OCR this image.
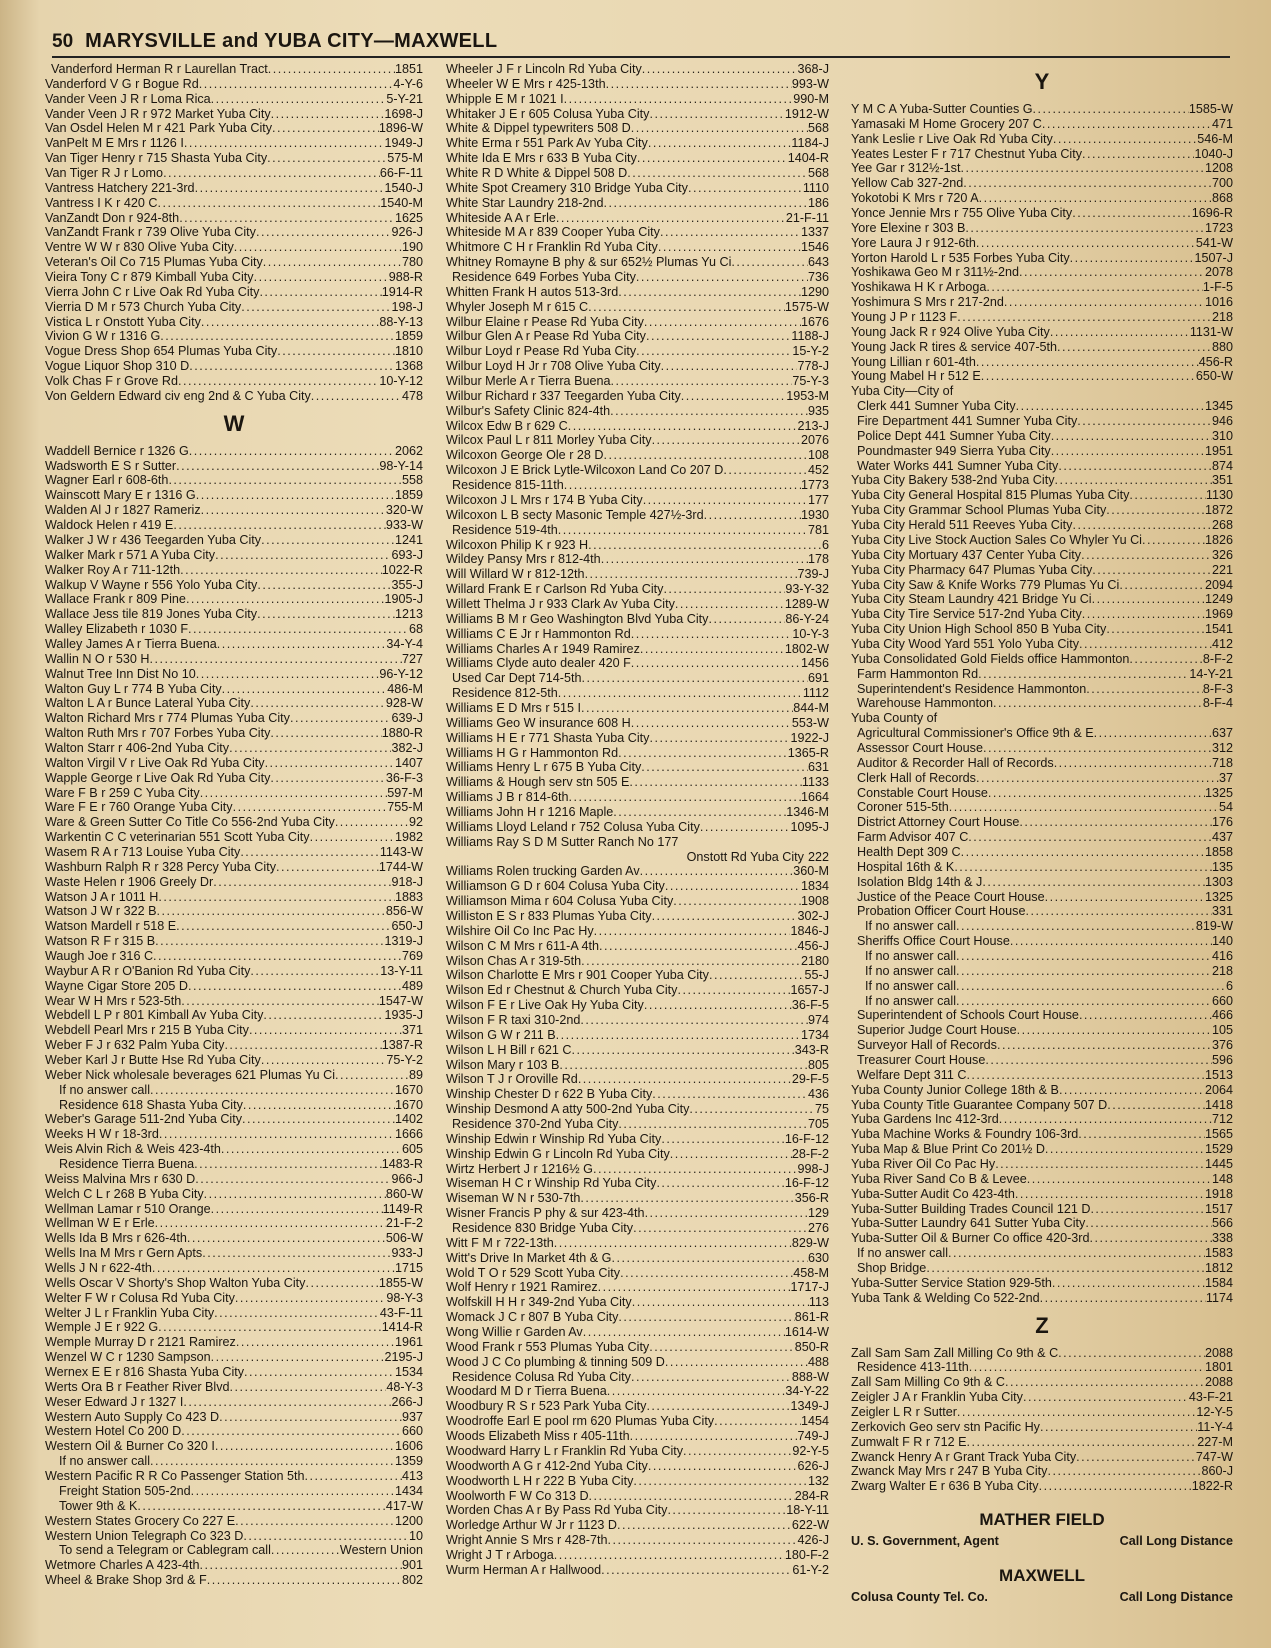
50 MARYSVILLE and YUBA CITY—MAXWELL
Vanderford Herman R r Laurellan Tract .....	1851
Vanderford V G r Bogue Rd .....	4-Y-6
Vander Veen J R r Loma Rica .....	5-Y-21
Vander Veen J R r 972 Market Yuba City .....	1698-J
Van Osdel Helen M r 421 Park Yuba City .....	1896-W
VanPelt M E Mrs r 1126 I .....	1949-J
Van Tiger Henry r 715 Shasta Yuba City .....	575-M
Van Tiger R J r Lomo .....	66-F-11
Vantress Hatchery 221-3rd .....	1540-J
Vantress I K r 420 C .....	1540-M
VanZandt Don r 924-8th .....	1625
VanZandt Frank r 739 Olive Yuba City .....	926-J
Ventre W W r 830 Olive Yuba City .....	190
Veteran's Oil Co 715 Plumas Yuba City .....	780
Vieira Tony C r 879 Kimball Yuba City .....	988-R
Vierra John C r Live Oak Rd Yuba City .....	1914-R
Vierria D M r 573 Church Yuba City .....	198-J
Vistica L r Onstott Yuba City .....	88-Y-13
Vivion G W r 1316 G .....	1859
Vogue Dress Shop 654 Plumas Yuba City .....	1810
Vogue Liquor Shop 310 D .....	1368
Volk Chas F r Grove Rd .....	10-Y-12
Von Geldern Edward civ eng 2nd & C Yuba City .....	478
W
Waddell Bernice r 1326 G .....	2062
Wadsworth E S r Sutter .....	98-Y-14
Wagner Earl r 608-6th .....	558
Wainscott Mary E r 1316 G .....	1859
Walden Al J r 1827 Rameriz .....	320-W
Waldock Helen r 419 E .....	933-W
Walker J W r 436 Teegarden Yuba City .....	1241
Walker Mark r 571 A Yuba City .....	693-J
Walker Roy A r 711-12th .....	1022-R
Walkup V Wayne r 556 Yolo Yuba City .....	355-J
Wallace Frank r 809 Pine .....	1905-J
Wallace Jess tile 819 Jones Yuba City .....	1213
Walley Elizabeth r 1030 F .....	68
Walley James A r Tierra Buena .....	34-Y-4
Wallin N O r 530 H .....	727
Walnut Tree Inn Dist No 10 .....	96-Y-12
Walton Guy L r 774 B Yuba City .....	486-M
Walton L A r Bunce Lateral Yuba City .....	928-W
Walton Richard Mrs r 774 Plumas Yuba City .....	639-J
Walton Ruth Mrs r 707 Forbes Yuba City .....	1880-R
Walton Starr r 406-2nd Yuba City .....	382-J
Walton Virgil V r Live Oak Rd Yuba City .....	1407
Wapple George r Live Oak Rd Yuba City .....	36-F-3
Ware F B r 259 C Yuba City .....	597-M
Ware F E r 760 Orange Yuba City .....	755-M
Ware & Green Sutter Co Title Co 556-2nd Yuba City .....	92
Warkentin C C veterinarian 551 Scott Yuba City .....	1982
Wasem R A r 713 Louise Yuba City .....	1143-W
Washburn Ralph R r 328 Percy Yuba City .....	1744-W
Waste Helen r 1906 Greely Dr .....	918-J
Watson J A r 1011 H .....	1883
Watson J W r 322 B .....	856-W
Watson Mardell r 518 E .....	650-J
Watson R F r 315 B .....	1319-J
Waugh Joe r 316 C .....	769
Waybur A R r O'Banion Rd Yuba City .....	13-Y-11
Wayne Cigar Store 205 D .....	489
Wear W H Mrs r 523-5th .....	1547-W
Webdell L P r 801 Kimball Av Yuba City .....	1935-J
Webdell Pearl Mrs r 215 B Yuba City .....	371
Weber F J r 632 Palm Yuba City .....	1387-R
Weber Karl J r Butte Hse Rd Yuba City .....	75-Y-2
Weber Nick wholesale beverages 621 Plumas Yu Ci .....	89
If no answer call .....	1670
Residence 618 Shasta Yuba City .....	1670
Weber's Garage 511-2nd Yuba City .....	1402
Weeks H W r 18-3rd .....	1666
Weis Alvin Rich & Weis 423-4th .....	605
Residence Tierra Buena .....	1483-R
Weiss Malvina Mrs r 630 D .....	966-J
Welch C L r 268 B Yuba City .....	860-W
Wellman Lamar r 510 Orange .....	1149-R
Wellman W E r Erle .....	21-F-2
Wells Ida B Mrs r 626-4th .....	506-W
Wells Ina M Mrs r Gern Apts .....	933-J
Wells J N r 622-4th .....	1715
Wells Oscar V Shorty's Shop Walton Yuba City .....	1855-W
Welter F W r Colusa Rd Yuba City .....	98-Y-3
Welter J L r Franklin Yuba City .....	43-F-11
Wemple J E r 922 G .....	1414-R
Wemple Murray D r 2121 Ramirez .....	1961
Wenzel W C r 1230 Sampson .....	2195-J
Wernex E E r 816 Shasta Yuba City .....	1534
Werts Ora B r Feather River Blvd .....	48-Y-3
Weser Edward J r 1327 I .....	266-J
Western Auto Supply Co 423 D .....	937
Western Hotel Co 200 D .....	660
Western Oil & Burner Co 320 I .....	1606
If no answer call .....	1359
Western Pacific R R Co Passenger Station 5th .....	413
Freight Station 505-2nd .....	1434
Tower 9th & K .....	417-W
Western States Grocery Co 227 E .....	1200
Western Union Telegraph Co 323 D .....	10
To send a Telegram or Cablegram call .....	Western Union
Wetmore Charles A 423-4th .....	901
Wheel & Brake Shop 3rd & F .....	802
Wheeler J F r Lincoln Rd Yuba City .....	368-J
Wheeler W E Mrs r 425-13th .....	993-W
Whipple E M r 1021 I .....	990-M
Whitaker J E r 605 Colusa Yuba City .....	1912-W
White & Dippel typewriters 508 D .....	568
White Erma r 551 Park Av Yuba City .....	1184-J
White Ida E Mrs r 633 B Yuba City .....	1404-R
White R D White & Dippel 508 D .....	568
White Spot Creamery 310 Bridge Yuba City .....	1110
White Star Laundry 218-2nd .....	186
Whiteside A A r Erle .....	21-F-11
Whiteside M A r 839 Cooper Yuba City .....	1337
Whitmore C H r Franklin Rd Yuba City .....	1546
Whitney Romayne B phy & sur 652½ Plumas Yu Ci .....	643
Residence 649 Forbes Yuba City .....	736
Whitten Frank H autos 513-3rd .....	1290
Whyler Joseph M r 615 C .....	1575-W
Wilbur Elaine r Pease Rd Yuba City .....	1676
Wilbur Glen A r Pease Rd Yuba City .....	1188-J
Wilbur Loyd r Pease Rd Yuba City .....	15-Y-2
Wilbur Loyd H Jr r 708 Olive Yuba City .....	778-J
Wilbur Merle A r Tierra Buena .....	75-Y-3
Wilbur Richard r 337 Teegarden Yuba City .....	1953-M
Wilbur's Safety Clinic 824-4th .....	935
Wilcox Edw B r 629 C .....	213-J
Wilcox Paul L r 811 Morley Yuba City .....	2076
Wilcoxon George Ole r 28 D .....	108
Wilcoxon J E Brick Lytle-Wilcoxon Land Co 207 D .....	452
Residence 815-11th .....	1773
Wilcoxon J L Mrs r 174 B Yuba City .....	177
Wilcoxon L B secty Masonic Temple 427½-3rd .....	1930
Residence 519-4th .....	781
Wilcoxon Philip K r 923 H .....	6
Wildey Pansy Mrs r 812-4th .....	178
Will Willard W r 812-12th .....	739-J
Willard Frank E r Carlson Rd Yuba City .....	93-Y-32
Willett Thelma J r 933 Clark Av Yuba City .....	1289-W
Williams B M r Geo Washington Blvd Yuba City .....	86-Y-24
Williams C E Jr r Hammonton Rd .....	10-Y-3
Williams Charles A r 1949 Ramirez .....	1802-W
Williams Clyde auto dealer 420 F .....	1456
Used Car Dept 714-5th .....	691
Residence 812-5th .....	1112
Williams E D Mrs r 515 I .....	844-M
Williams Geo W insurance 608 H .....	553-W
Williams H E r 771 Shasta Yuba City .....	1922-J
Williams H G r Hammonton Rd .....	1365-R
Williams Henry L r 675 B Yuba City .....	631
Williams & Hough serv stn 505 E .....	1133
Williams J B r 814-6th .....	1664
Williams John H r 1216 Maple .....	1346-M
Williams Lloyd Leland r 752 Colusa Yuba City .....	1095-J
Williams Ray S D M Sutter Ranch No 177
Onstott Rd Yuba City 222
Williams Rolen trucking Garden Av .....	360-M
Williamson G D r 604 Colusa Yuba City .....	1834
Williamson Mima r 604 Colusa Yuba City .....	1908
Williston E S r 833 Plumas Yuba City .....	302-J
Wilshire Oil Co Inc Pac Hy .....	1846-J
Wilson C M Mrs r 611-A 4th .....	456-J
Wilson Chas A r 319-5th .....	2180
Wilson Charlotte E Mrs r 901 Cooper Yuba City .....	55-J
Wilson Ed r Chestnut & Church Yuba City .....	1657-J
Wilson F E r Live Oak Hy Yuba City .....	36-F-5
Wilson F R taxi 310-2nd .....	974
Wilson G W r 211 B .....	1734
Wilson L H Bill r 621 C .....	343-R
Wilson Mary r 103 B .....	805
Wilson T J r Oroville Rd .....	29-F-5
Winship Chester D r 622 B Yuba City .....	436
Winship Desmond A atty 500-2nd Yuba City .....	75
Residence 370-2nd Yuba City .....	705
Winship Edwin r Winship Rd Yuba City .....	16-F-12
Winship Edwin G r Lincoln Rd Yuba City .....	28-F-2
Wirtz Herbert J r 1216½ G .....	998-J
Wiseman H C r Winship Rd Yuba City .....	16-F-12
Wiseman W N r 530-7th .....	356-R
Wisner Francis P phy & sur 423-4th .....	129
Residence 830 Bridge Yuba City .....	276
Witt F M r 722-13th .....	829-W
Witt's Drive In Market 4th & G .....	630
Wold T O r 529 Scott Yuba City .....	458-M
Wolf Henry r 1921 Ramirez .....	1717-J
Wolfskill H H r 349-2nd Yuba City .....	113
Womack J C r 807 B Yuba City .....	861-R
Wong Willie r Garden Av .....	1614-W
Wood Frank r 553 Plumas Yuba City .....	850-R
Wood J C Co plumbing & tinning 509 D .....	488
Residence Colusa Rd Yuba City .....	888-W
Woodard M D r Tierra Buena .....	34-Y-22
Woodbury R S r 523 Park Yuba City .....	1349-J
Woodroffe Earl E pool rm 620 Plumas Yuba City .....	1454
Woods Elizabeth Miss r 405-11th .....	749-J
Woodward Harry L r Franklin Rd Yuba City .....	92-Y-5
Woodworth A G r 412-2nd Yuba City .....	626-J
Woodworth L H r 222 B Yuba City .....	132
Woolworth F W Co 313 D .....	284-R
Worden Chas A r By Pass Rd Yuba City .....	18-Y-11
Worledge Arthur W Jr r 1123 D .....	622-W
Wright Annie S Mrs r 428-7th .....	426-J
Wright J T r Arboga .....	180-F-2
Wurm Herman A r Hallwood .....	61-Y-2
Y
Y M C A Yuba-Sutter Counties G .....	1585-W
Yamasaki M Home Grocery 207 C .....	471
Yank Leslie r Live Oak Rd Yuba City .....	546-M
Yeates Lester F r 717 Chestnut Yuba City .....	1040-J
Yee Gar r 312½-1st .....	1208
Yellow Cab 327-2nd .....	700
Yokotobi K Mrs r 720 A .....	868
Yonce Jennie Mrs r 755 Olive Yuba City .....	1696-R
Yore Elexine r 303 B .....	1723
Yore Laura J r 912-6th .....	541-W
Yorton Harold L r 535 Forbes Yuba City .....	1507-J
Yoshikawa Geo M r 311½-2nd .....	2078
Yoshikawa H K r Arboga .....	1-F-5
Yoshimura S Mrs r 217-2nd .....	1016
Young J P r 1123 F .....	218
Young Jack R r 924 Olive Yuba City .....	1131-W
Young Jack R tires & service 407-5th .....	880
Young Lillian r 601-4th .....	456-R
Young Mabel H r 512 E .....	650-W
Yuba City—City of
Clerk 441 Sumner Yuba City .....	1345
Fire Department 441 Sumner Yuba City .....	946
Police Dept 441 Sumner Yuba City .....	310
Poundmaster 949 Sierra Yuba City .....	1951
Water Works 441 Sumner Yuba City .....	874
Yuba City Bakery 538-2nd Yuba City .....	351
Yuba City General Hospital 815 Plumas Yuba City .....	1130
Yuba City Grammar School Plumas Yuba City .....	1872
Yuba City Herald 511 Reeves Yuba City .....	268
Yuba City Live Stock Auction Sales Co Whyler Yu Ci .....	1826
Yuba City Mortuary 437 Center Yuba City .....	326
Yuba City Pharmacy 647 Plumas Yuba City .....	221
Yuba City Saw & Knife Works 779 Plumas Yu Ci .....	2094
Yuba City Steam Laundry 421 Bridge Yu Ci .....	1249
Yuba City Tire Service 517-2nd Yuba City .....	1969
Yuba City Union High School 850 B Yuba City .....	1541
Yuba City Wood Yard 551 Yolo Yuba City .....	412
Yuba Consolidated Gold Fields office Hammonton .....	8-F-2
Farm Hammonton Rd .....	14-Y-21
Superintendent's Residence Hammonton .....	8-F-3
Warehouse Hammonton .....	8-F-4
Yuba County of
Agricultural Commissioner's Office 9th & E .....	637
Assessor Court House .....	312
Auditor & Recorder Hall of Records .....	718
Clerk Hall of Records .....	37
Constable Court House .....	1325
Coroner 515-5th .....	54
District Attorney Court House .....	176
Farm Advisor 407 C .....	437
Health Dept 309 C .....	1858
Hospital 16th & K .....	135
Isolation Bldg 14th & J .....	1303
Justice of the Peace Court House .....	1325
Probation Officer Court House .....	331
If no answer call .....	819-W
Sheriffs Office Court House .....	140
If no answer call .....	416
If no answer call .....	218
If no answer call .....	6
If no answer call .....	660
Superintendent of Schools Court House .....	466
Superior Judge Court House .....	105
Surveyor Hall of Records .....	376
Treasurer Court House .....	596
Welfare Dept 311 C .....	1513
Yuba County Junior College 18th & B .....	2064
Yuba County Title Guarantee Company 507 D .....	1418
Yuba Gardens Inc 412-3rd .....	712
Yuba Machine Works & Foundry 106-3rd .....	1565
Yuba Map & Blue Print Co 201½ D .....	1529
Yuba River Oil Co Pac Hy .....	1445
Yuba River Sand Co B & Levee .....	148
Yuba-Sutter Audit Co 423-4th .....	1918
Yuba-Sutter Building Trades Council 121 D .....	1517
Yuba-Sutter Laundry 641 Sutter Yuba City .....	566
Yuba-Sutter Oil & Burner Co office 420-3rd .....	338
If no answer call .....	1583
Shop Bridge .....	1812
Yuba-Sutter Service Station 929-5th .....	1584
Yuba Tank & Welding Co 522-2nd .....	1174
Z
Zall Sam Sam Zall Milling Co 9th & C .....	2088
Residence 413-11th .....	1801
Zall Sam Milling Co 9th & C .....	2088
Zeigler J A r Franklin Yuba City .....	43-F-21
Zeigler L R r Sutter .....	12-Y-5
Zerkovich Geo serv stn Pacific Hy .....	11-Y-4
Zumwalt F R r 712 E .....	227-M
Zwanck Henry A r Grant Track Yuba City .....	747-W
Zwanck May Mrs r 247 B Yuba City .....	860-J
Zwarg Walter E r 636 B Yuba City .....	1822-R
MATHER FIELD
U. S. Government, Agent	Call Long Distance
MAXWELL
Colusa County Tel. Co.	Call Long Distance
